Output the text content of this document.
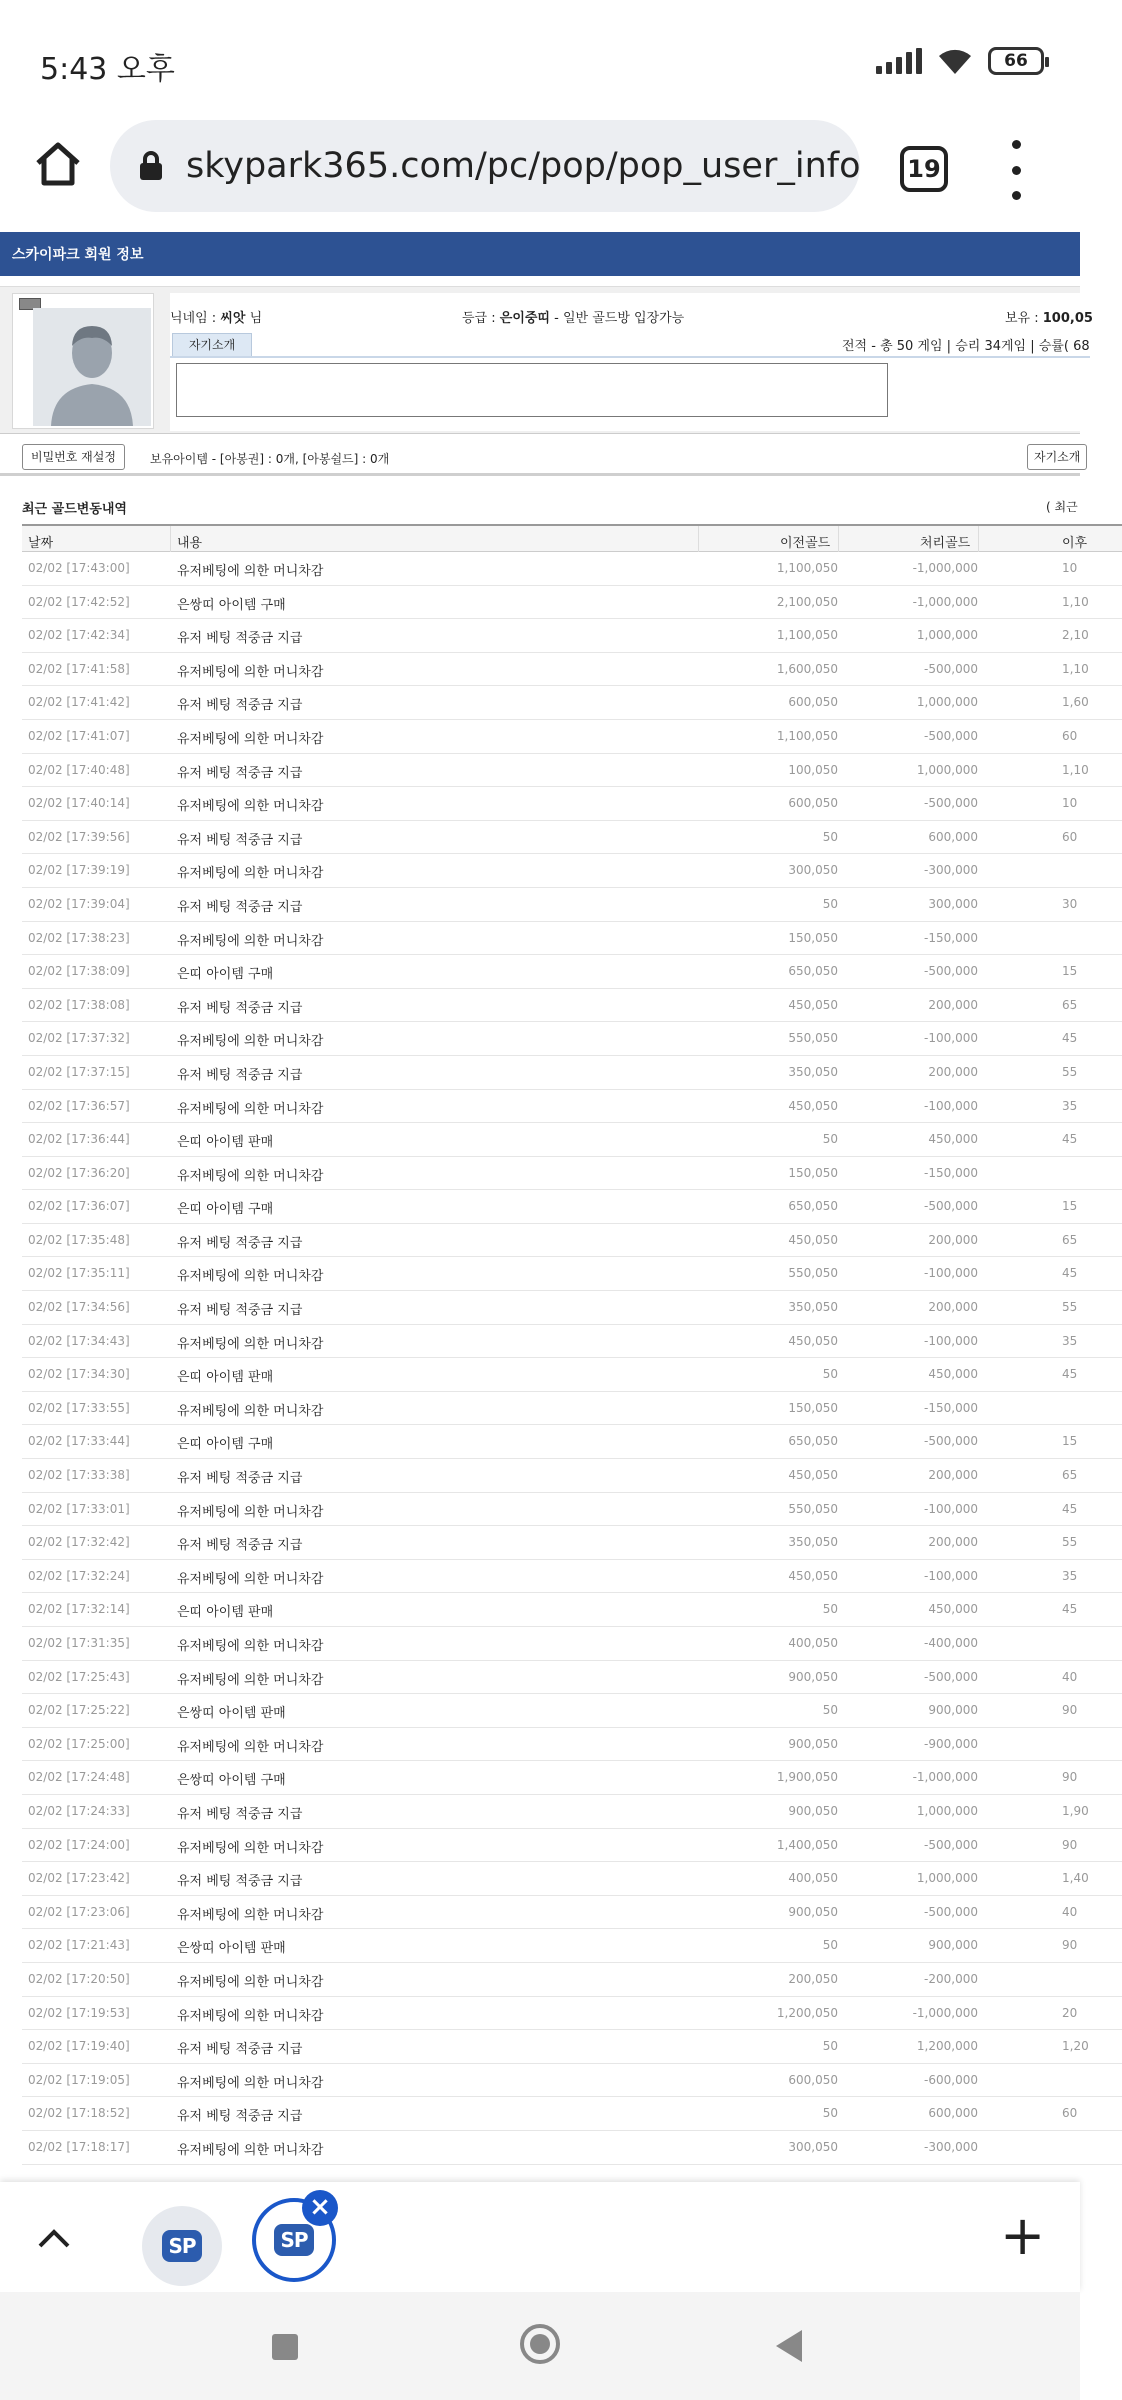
5:43 오후	66
skypark365.com/pc/pop/pop_user_info	19
스카이파크 회원 정보
닉네임 : 씨앗 님	등급 : 은이중띠 - 일반 골드방 입장가능	보유 : 100,05
자기소개	전적 - 총 50 게임 | 승리 34게임 | 승률( 68
비밀번호 재설정	보유아이템 - [아봉권] : 0개, [아봉쉴드] : 0개	자기소개
최근 골드변동내역	( 최근
날짜	내용	이전골드	처리골드	이후
02/02 [17:43:00]	유저베팅에 의한 머니차감	1,100,050	-1,000,000	10
02/02 [17:42:52]	은쌍띠 아이템 구매	2,100,050	-1,000,000	1,10
02/02 [17:42:34]	유저 베팅 적중금 지급	1,100,050	1,000,000	2,10
02/02 [17:41:58]	유저베팅에 의한 머니차감	1,600,050	-500,000	1,10
02/02 [17:41:42]	유저 베팅 적중금 지급	600,050	1,000,000	1,60
02/02 [17:41:07]	유저베팅에 의한 머니차감	1,100,050	-500,000	60
02/02 [17:40:48]	유저 베팅 적중금 지급	100,050	1,000,000	1,10
02/02 [17:40:14]	유저베팅에 의한 머니차감	600,050	-500,000	10
02/02 [17:39:56]	유저 베팅 적중금 지급	50	600,000	60
02/02 [17:39:19]	유저베팅에 의한 머니차감	300,050	-300,000
02/02 [17:39:04]	유저 베팅 적중금 지급	50	300,000	30
02/02 [17:38:23]	유저베팅에 의한 머니차감	150,050	-150,000
02/02 [17:38:09]	은띠 아이템 구매	650,050	-500,000	15
02/02 [17:38:08]	유저 베팅 적중금 지급	450,050	200,000	65
02/02 [17:37:32]	유저베팅에 의한 머니차감	550,050	-100,000	45
02/02 [17:37:15]	유저 베팅 적중금 지급	350,050	200,000	55
02/02 [17:36:57]	유저베팅에 의한 머니차감	450,050	-100,000	35
02/02 [17:36:44]	은띠 아이템 판매	50	450,000	45
02/02 [17:36:20]	유저베팅에 의한 머니차감	150,050	-150,000
02/02 [17:36:07]	은띠 아이템 구매	650,050	-500,000	15
02/02 [17:35:48]	유저 베팅 적중금 지급	450,050	200,000	65
02/02 [17:35:11]	유저베팅에 의한 머니차감	550,050	-100,000	45
02/02 [17:34:56]	유저 베팅 적중금 지급	350,050	200,000	55
02/02 [17:34:43]	유저베팅에 의한 머니차감	450,050	-100,000	35
02/02 [17:34:30]	은띠 아이템 판매	50	450,000	45
02/02 [17:33:55]	유저베팅에 의한 머니차감	150,050	-150,000
02/02 [17:33:44]	은띠 아이템 구매	650,050	-500,000	15
02/02 [17:33:38]	유저 베팅 적중금 지급	450,050	200,000	65
02/02 [17:33:01]	유저베팅에 의한 머니차감	550,050	-100,000	45
02/02 [17:32:42]	유저 베팅 적중금 지급	350,050	200,000	55
02/02 [17:32:24]	유저베팅에 의한 머니차감	450,050	-100,000	35
02/02 [17:32:14]	은띠 아이템 판매	50	450,000	45
02/02 [17:31:35]	유저베팅에 의한 머니차감	400,050	-400,000
02/02 [17:25:43]	유저베팅에 의한 머니차감	900,050	-500,000	40
02/02 [17:25:22]	은쌍띠 아이템 판매	50	900,000	90
02/02 [17:25:00]	유저베팅에 의한 머니차감	900,050	-900,000
02/02 [17:24:48]	은쌍띠 아이템 구매	1,900,050	-1,000,000	90
02/02 [17:24:33]	유저 베팅 적중금 지급	900,050	1,000,000	1,90
02/02 [17:24:00]	유저베팅에 의한 머니차감	1,400,050	-500,000	90
02/02 [17:23:42]	유저 베팅 적중금 지급	400,050	1,000,000	1,40
02/02 [17:23:06]	유저베팅에 의한 머니차감	900,050	-500,000	40
02/02 [17:21:43]	은쌍띠 아이템 판매	50	900,000	90
02/02 [17:20:50]	유저베팅에 의한 머니차감	200,050	-200,000
02/02 [17:19:53]	유저베팅에 의한 머니차감	1,200,050	-1,000,000	20
02/02 [17:19:40]	유저 베팅 적중금 지급	50	1,200,000	1,20
02/02 [17:19:05]	유저베팅에 의한 머니차감	600,050	-600,000
02/02 [17:18:52]	유저 베팅 적중금 지급	50	600,000	60
02/02 [17:18:17]	유저베팅에 의한 머니차감	300,050	-300,000
SP	SP
×	+
